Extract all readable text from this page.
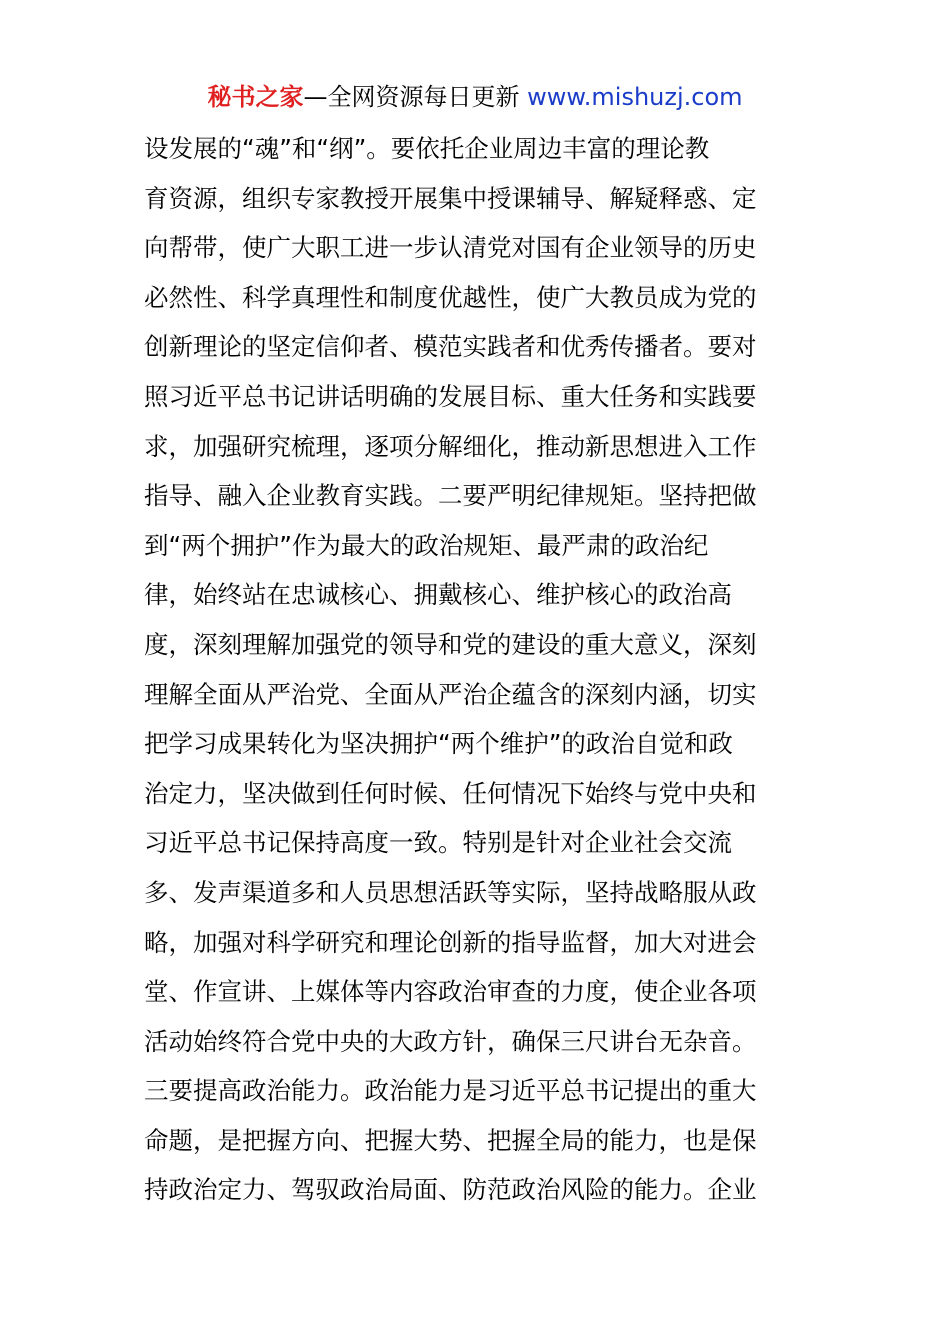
秘书之家—全网资源每日更新 www.mishuzj.com
设发展的“魂”和“纲”。要依托企业周边丰富的理论教
育资源，组织专家教授开展集中授课辅导、解疑释惑、定
向帮带，使广大职工进一步认清党对国有企业领导的历史
必然性、科学真理性和制度优越性，使广大教员成为党的
创新理论的坚定信仰者、模范实践者和优秀传播者。要对
照习近平总书记讲话明确的发展目标、重大任务和实践要
求，加强研究梳理，逐项分解细化，推动新思想进入工作
指导、融入企业教育实践。二要严明纪律规矩。坚持把做
到“两个拥护”作为最大的政治规矩、最严肃的政治纪
律，始终站在忠诚核心、拥戴核心、维护核心的政治高
度，深刻理解加强党的领导和党的建设的重大意义，深刻
理解全面从严治党、全面从严治企蕴含的深刻内涵，切实
把学习成果转化为坚决拥护“两个维护”的政治自觉和政
治定力，坚决做到任何时候、任何情况下始终与党中央和
习近平总书记保持高度一致。特别是针对企业社会交流
多、发声渠道多和人员思想活跃等实际，坚持战略服从政
略，加强对科学研究和理论创新的指导监督，加大对进会
堂、作宣讲、上媒体等内容政治审查的力度，使企业各项
活动始终符合党中央的大政方针，确保三尺讲台无杂音。
三要提高政治能力。政治能力是习近平总书记提出的重大
命题，是把握方向、把握大势、把握全局的能力，也是保
持政治定力、驾驭政治局面、防范政治风险的能力。企业
